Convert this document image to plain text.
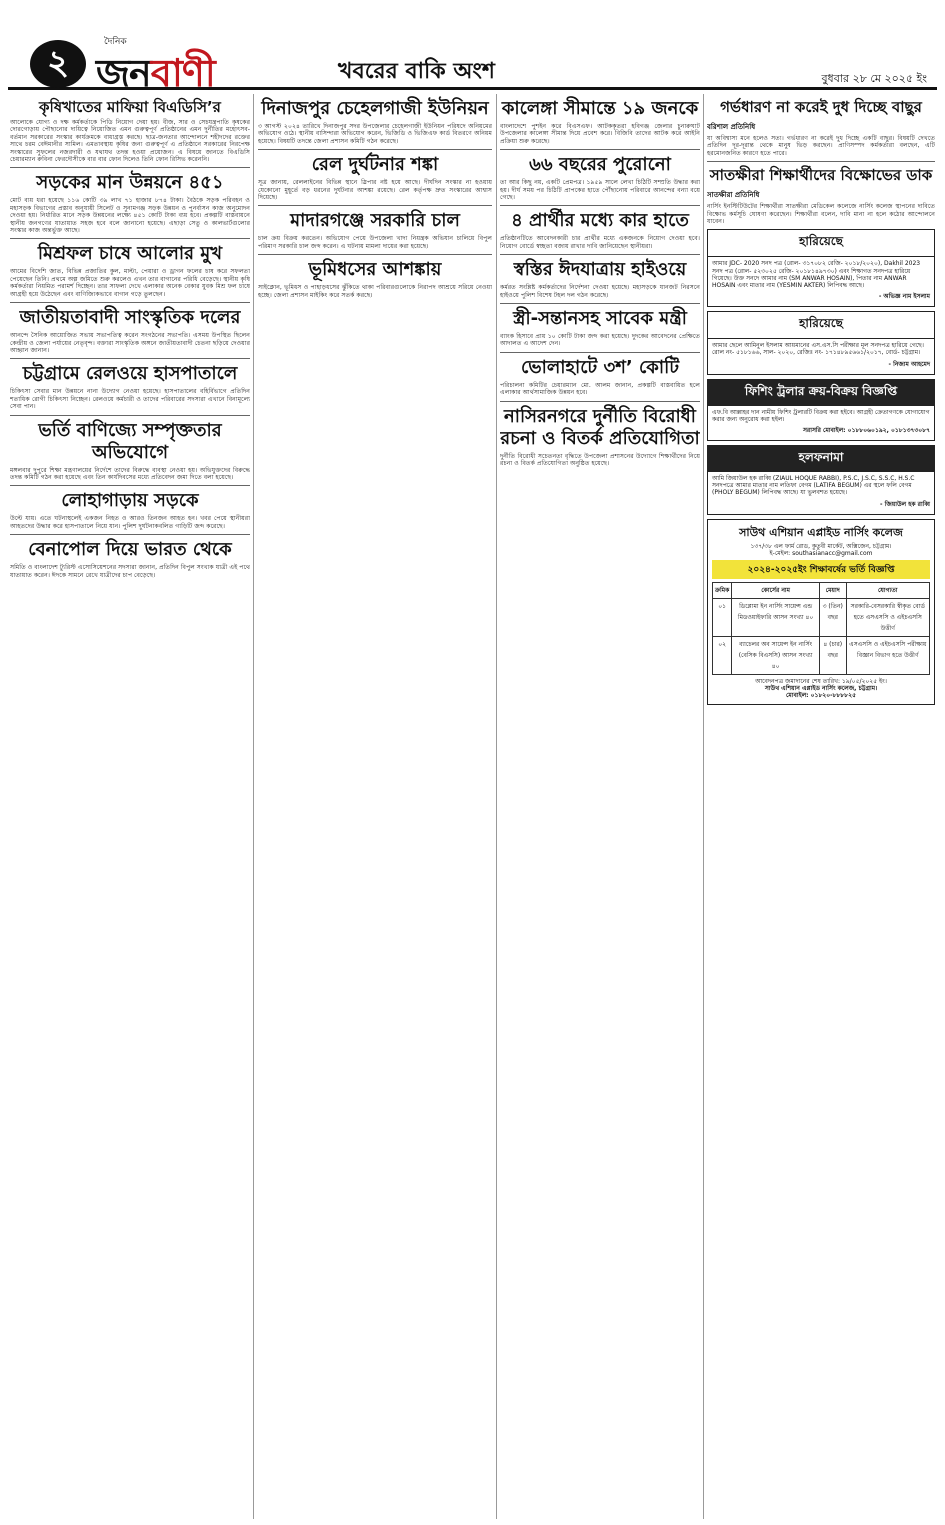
২
দৈনিক
জনবাণী	খবরের বাকি অংশ	বুধবার ২৮ মে ২০২৫ ইং
কৃষিখাতের মাফিয়া বিএডিসি’র

আলোকে যোগ্য ও দক্ষ কর্মকর্তাকে পিডি নিয়োগ দেয়া হয়। বীজ, সার ও সেচযন্ত্রপাতি কৃষকের দোরগোড়ায় পৌছানোর দায়িত্বে নিয়োজিত এমন গুরুত্বপূর্ণ প্রতিষ্ঠানের এমন দুর্নীতির মহোৎসব-বর্তমান সরকারের সংস্কার কার্যক্রমকে বাধাগ্রস্ত করছে। ছাত্র-জনতার আন্দোলনে শহীদদের রক্তের সাথে চরম বেঈমানীর সামিল। এমতাবস্থায় কৃষির জন্য গুরুত্বপূর্ণ এ প্রতিষ্ঠানে সরকারের নিরপেক্ষ সংস্কারের সুফলের নজরদারী ও যথাযথ তদন্ত হওয়া প্রয়োজন। এ বিষয়ে জানতে বিএডিসি চেয়ারম্যান রুবিনা ফেরদৌসীকে বার বার ফোন দিলেও তিনি ফোন রিসিভ করেননি।

সড়কের মান উন্নয়নে ৪৫১

মোট ব্যয় ধরা হয়েছে ১১৬ কোটি ৩৯ লাখ ৭১ হাজার ৮৭৪ টাকা। বৈঠকে সড়ক পরিবহন ও মহাসড়ক বিভাগের প্রস্তাব অনুযায়ী সিলেট ও সুনামগঞ্জ সড়ক উন্নয়ন ও পুনর্বাসন কাজ অনুমোদন দেওয়া হয়। নির্ধারিত মানে সড়ক উন্নয়নের লক্ষ্যে ৪৫১ কোটি টাকা ব্যয় হবে। প্রকল্পটি বাস্তবায়নে স্থানীয় জনগণের যাতায়াত সহজ হবে বলে জানানো হয়েছে। এছাড়া সেতু ও কালভার্টগুলোর সংস্কার কাজ অন্তর্ভুক্ত আছে।

মিশ্রফল চাষে আলোর মুখ

আমের বিদেশি জাত, বিভিন্ন প্রজাতির কুল, মাল্টা, পেয়ারা ও ড্রাগন ফলের চাষ করে সফলতা পেয়েছেন তিনি। প্রথমে অল্প জমিতে শুরু করলেও এখন তার বাগানের পরিধি বেড়েছে। স্থানীয় কৃষি কর্মকর্তারা নিয়মিত পরামর্শ দিচ্ছেন। তার সাফল্য দেখে এলাকার অনেক বেকার যুবক মিশ্র ফল চাষে আগ্রহী হয়ে উঠেছেন এবং বাণিজ্যিকভাবে বাগান গড়ে তুলছেন।

জাতীয়তাবাদী সাংস্কৃতিক দলের

আনন্দে সৈনিক আয়োজিত সভায় সভাপতিত্ব করেন সংগঠনের সভাপতি। এসময় উপস্থিত ছিলেন কেন্দ্রীয় ও জেলা পর্যায়ের নেতৃবৃন্দ। বক্তারা সাংস্কৃতিক অঙ্গনে জাতীয়তাবাদী চেতনা ছড়িয়ে দেওয়ার আহ্বান জানান।

চট্টগ্রামে রেলওয়ে হাসপাতালে

চিকিৎসা সেবার মান উন্নয়নে নানা উদ্যোগ নেওয়া হয়েছে। হাসপাতালের বহির্বিভাগে প্রতিদিন শতাধিক রোগী চিকিৎসা নিচ্ছেন। রেলওয়ে কর্মচারী ও তাদের পরিবারের সদস্যরা এখানে বিনামূল্যে সেবা পান।

ভর্তি বাণিজ্যে সম্পৃক্ততার অভিযোগে

মঙ্গলবার দুপুরে শিক্ষা মন্ত্রণালয়ের নির্দেশে তাদের বিরুদ্ধে ব্যবস্থা নেওয়া হয়। অভিযুক্তদের বিরুদ্ধে তদন্ত কমিটি গঠন করা হয়েছে এবং তিন কার্যদিবসের মধ্যে প্রতিবেদন জমা দিতে বলা হয়েছে।

লোহাগাড়ায় সড়কে

উল্টে যায়। এতে ঘটনাস্থলেই একজন নিহত ও আরও তিনজন আহত হন। খবর পেয়ে স্থানীয়রা আহতদের উদ্ধার করে হাসপাতালে নিয়ে যান। পুলিশ দুর্ঘটনাকবলিত গাড়িটি জব্দ করেছে।

বেনাপোল দিয়ে ভারত থেকে

সমিতি ও বাংলাদেশ ট্যুরিস্ট এসোসিয়েশনের সদস্যরা জানান, প্রতিদিন বিপুল সংখ্যক যাত্রী এই পথে যাতায়াত করেন। ঈদকে সামনে রেখে যাত্রীদের চাপ বেড়েছে।

দিনাজপুর চেহেলগাজী ইউনিয়ন

৩ আগস্ট ২০২৪ তারিখে দিনাজপুর সদর উপজেলার চেহেলগাজী ইউনিয়ন পরিষদে অনিয়মের অভিযোগ ওঠে। স্থানীয় বাসিন্দারা অভিযোগ করেন, ভিজিডি ও ভিজিএফ কার্ড বিতরণে অনিয়ম হয়েছে। বিষয়টি তদন্তে জেলা প্রশাসন কমিটি গঠন করেছে।

রেল দুর্ঘটনার শঙ্কা

সূত্র জানায়, রেললাইনের বিভিন্ন স্থানে স্লিপার নষ্ট হয়ে আছে। দীর্ঘদিন সংস্কার না হওয়ায় যেকোনো মুহূর্তে বড় ধরনের দুর্ঘটনার আশঙ্কা রয়েছে। রেল কর্তৃপক্ষ দ্রুত সংস্কারের আশ্বাস দিয়েছে।

মাদারগঞ্জে সরকারি চাল

চাল ক্রয় বিক্রয় করতেন। অভিযোগ পেয়ে উপজেলা খাদ্য নিয়ন্ত্রক অভিযান চালিয়ে বিপুল পরিমাণ সরকারি চাল জব্দ করেন। এ ঘটনায় মামলা দায়ের করা হয়েছে।

ভূমিধসের আশঙ্কায়

সাইক্লোন, ভূমিধস ও পাহাড়ধসের ঝুঁকিতে থাকা পরিবারগুলোকে নিরাপদ আশ্রয়ে সরিয়ে নেওয়া হচ্ছে। জেলা প্রশাসন মাইকিং করে সতর্ক করছে।

কালেঙ্গা সীমান্তে ১৯ জনকে

বাংলাদেশে পুশইন করে বিএসএফ। আটককৃতরা হবিগঞ্জ জেলার চুনারুঘাট উপজেলার কালেঙ্গা সীমান্ত দিয়ে প্রবেশ করে। বিজিবি তাদের আটক করে আইনি প্রক্রিয়া শুরু করেছে।

৬৬ বছরের পুরোনো

তা আর কিছু নয়, একটি প্রেমপত্র। ১৯৫৯ সালে লেখা চিঠিটি সম্প্রতি উদ্ধার করা হয়। দীর্ঘ সময় পর চিঠিটি প্রাপকের হাতে পৌঁছানোয় পরিবারে আনন্দের বন্যা বয়ে গেছে।

৪ প্রার্থীর মধ্যে কার হাতে

প্রতিষ্ঠানটিতে আবেদনকারী চার প্রার্থীর মধ্যে একজনকে নিয়োগ দেওয়া হবে। নিয়োগ বোর্ডে স্বচ্ছতা বজায় রাখার দাবি জানিয়েছেন স্থানীয়রা।

স্বস্তির ঈদযাত্রায় হাইওয়ে

কর্মরত সংশ্লিষ্ট কর্মকর্তাদের নির্দেশনা দেওয়া হয়েছে। মহাসড়কে যানজট নিরসনে হাইওয়ে পুলিশ বিশেষ টহল দল গঠন করেছে।

স্ত্রী-সন্তানসহ সাবেক মন্ত্রী

ব্যাংক হিসাবে প্রায় ১০ কোটি টাকা জব্দ করা হয়েছে। দুদকের আবেদনের প্রেক্ষিতে আদালত এ আদেশ দেন।

ভোলাহাটে ৩শ’ কোটি

পরিচালনা কমিটির চেয়ারম্যান মো. আলম জানান, প্রকল্পটি বাস্তবায়িত হলে এলাকার আর্থসামাজিক উন্নয়ন হবে।

নাসিরনগরে দুর্নীতি বিরোধী রচনা ও বিতর্ক প্রতিযোগিতা

দুর্নীতি বিরোধী সচেতনতা বৃদ্ধিতে উপজেলা প্রশাসনের উদ্যোগে শিক্ষার্থীদের নিয়ে রচনা ও বিতর্ক প্রতিযোগিতা অনুষ্ঠিত হয়েছে।

গর্ভধারণ না করেই দুধ দিচ্ছে বাছুর
বরিশাল প্রতিনিধি

যা অবিশ্বাস্য মনে হলেও সত্য। গর্ভধারণ না করেই দুধ দিচ্ছে একটি বাছুর। বিষয়টি দেখতে প্রতিদিন দূর-দূরান্ত থেকে মানুষ ভিড় করছেন। প্রাণিসম্পদ কর্মকর্তারা বলছেন, এটি হরমোনজনিত কারণে হতে পারে।

সাতক্ষীরা শিক্ষার্থীদের বিক্ষোভের ডাক
সাতক্ষীরা প্রতিনিধি

নার্সিং ইনস্টিটিউটের শিক্ষার্থীরা সাতক্ষীরা মেডিকেল কলেজে নার্সিং কলেজ স্থাপনের দাবিতে বিক্ষোভ কর্মসূচি ঘোষণা করেছেন। শিক্ষার্থীরা বলেন, দাবি মানা না হলে কঠোর আন্দোলনে যাবেন।

হারিয়েছে

আমার JDC- 2020 সনদ পত্র (রোল- ৩১৭০৮২ রেজি- ২০১৮/২০২০), Dakhil 2023 সনদ পত্র (রোল- ৫২৩০২৫ রেজি- ২০১৮১৪৯৭৩০) এবং শিক্ষাগত সনদপত্র হারিয়ে গিয়েছে। উক্ত সনদে আমার নাম (SM ANWAR HOSAIN), পিতার নাম ANWAR HOSAIN এবং মাতার নাম (YESMIN AKTER) লিপিবদ্ধ আছে।

- অভিজ্ঞ নাম ইসলাম
হারিয়েছে

আমার ছেলে আমিনুল ইসলাম আয়মানের এস.এস.সি পরীক্ষার মূল সনদপত্র হারিয়ে গেছে। রোল নং- ৫১৮১৬৬, সাল- ২০২০, রেজিঃ নং- ১৭১৪৮৯৫৬৬১/২০১৭, বোর্ড- চট্টগ্রাম।

- নিজাম আহমেদ
ফিশিং ট্রলার ক্রয়-বিক্রয় বিজ্ঞপ্তি

এফ.বি আল্লাহর দান নামীয় ফিশিং ট্রলারটি বিক্রয় করা হইবে। আগ্রহী ক্রেতাগণকে যোগাযোগ করার জন্য অনুরোধ করা হইল।

সরাসরি মোবাইল: ০১৮৮০৬০১৯২, ০১৮১৩৭৩০৮৭
হলফনামা

আমি জিয়াউল হক রাব্বি (ZIAUL HOQUE RABBI), P.S.C, J.S.C, S.S.C, H.S.C সনদপত্রে আমার মাতার নাম লতিফা বেগম (LATIFA BEGUM) এর স্থলে ফলি বেগম (PHOLY BEGUM) লিপিবদ্ধ আছে। যা ভুলবশত হয়েছে।

- জিয়াউল হক রাব্বি
সাউথ এশিয়ান এপ্লাইড নার্সিং কলেজ
১৩৭/৩৮ এল ফার্ম রোড, কুতুবী মার্কেট, অক্সিজেন, চট্টগ্রাম।
ই-মেইল: southasianacc@gmail.com
২০২৪-২০২৫ইং শিক্ষাবর্ষের ভর্তি বিজ্ঞপ্তি
ক্রমিক	কোর্সের নাম	মেয়াদ	যোগ্যতা
০১	ডিপ্লোমা ইন নার্সিং সায়েন্স এন্ড মিডওয়াইফারি আসন সংখ্যা ৪০	৩ (তিন) বছর	সরকারি-বেসরকারি স্বীকৃত বোর্ড হতে এসএসসি ও এইচএসসি উত্তীর্ণ
০২	ব্যাচেলর অব সায়েন্স ইন নার্সিং (বেসিক বিএসসি) আসন সংখ্যা ৪০	৪ (চার) বছর	এসএসসি ও এইচএসসি পরীক্ষায় বিজ্ঞান বিভাগ হতে উত্তীর্ণ
আবেদনপত্র জমাদানের শেষ তারিখ: ১৯/০৫/২০২৫ ইং।
সাউথ এশিয়ান এপ্লাইড নার্সিং কলেজ, চট্টগ্রাম।
মোবাইল: ০১৮২০-৮৮৮৮২৫
